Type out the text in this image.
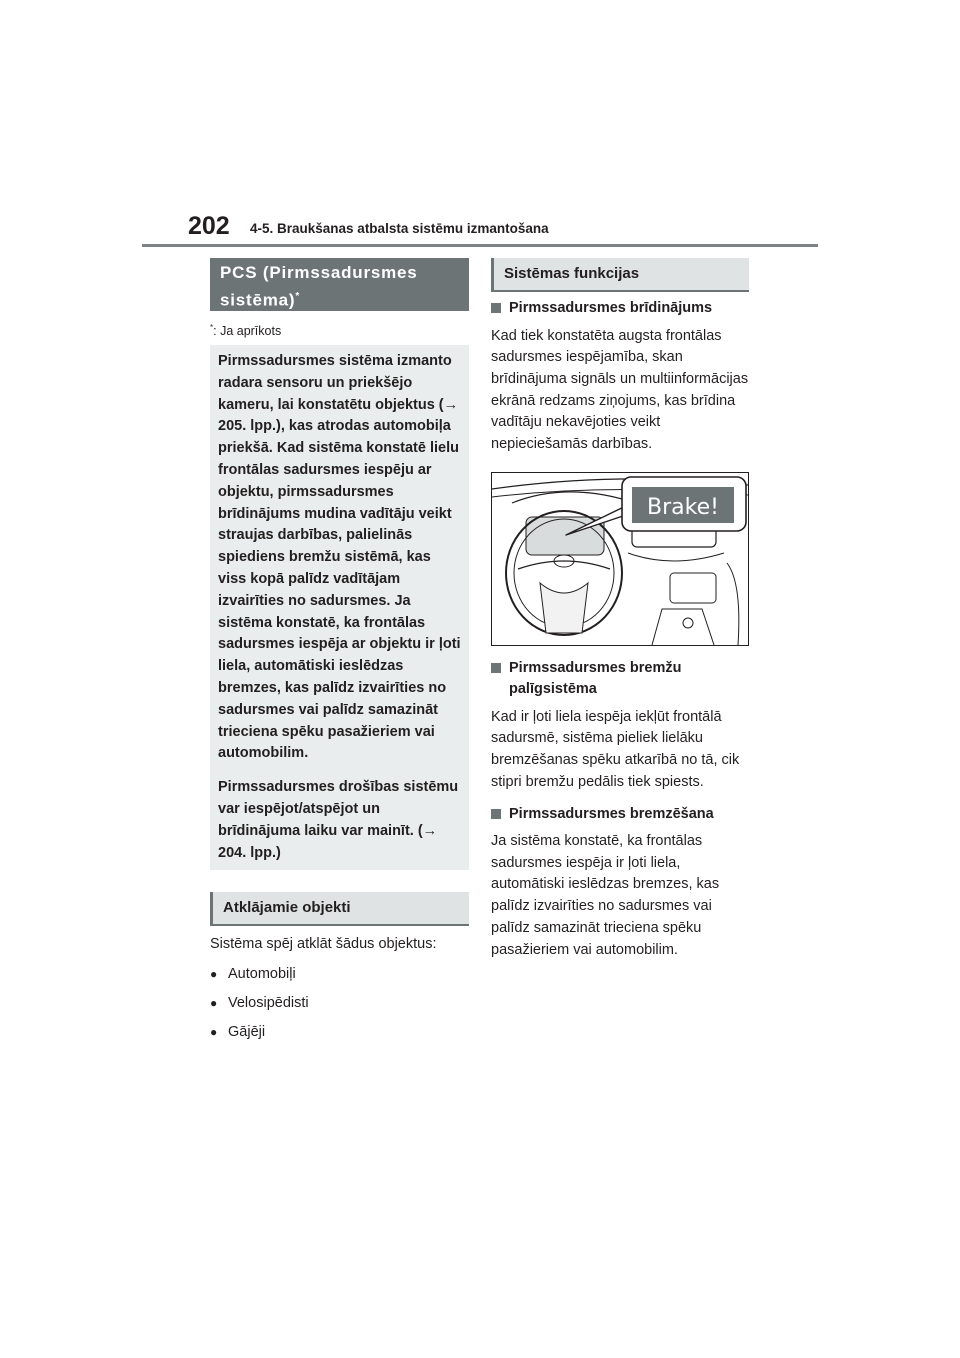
202 4-5. Braukšanas atbalsta sistēmu izmantošana
PCS (Pirmssadursmes
sistēma)*
*: Ja aprīkots

Pirmssadursmes sistēma izmanto radara sensoru un priekšējo kameru, lai konstatētu objektus (→ 205. lpp.), kas atrodas automobiļa priekšā. Kad sistēma konstatē lielu frontālas sadursmes iespēju ar objektu, pirmssadursmes brīdinājums mudina vadītāju veikt straujas darbības, palielinās spiediens bremžu sistēmā, kas viss kopā palīdz vadītājam izvairīties no sadursmes. Ja sistēma konstatē, ka frontālas sadursmes iespēja ar objektu ir ļoti liela, automātiski ieslēdzas bremzes, kas palīdz izvairīties no sadursmes vai palīdz samazināt trieciena spēku pasažieriem vai automobilim.

Pirmssadursmes drošības sistēmu var iespējot/atspējot un brīdinājuma laiku var mainīt. (→ 204. lpp.)

Atklājamie objekti
Sistēma spēj atklāt šādus objektus:
● Automobiļi
● Velosipēdisti
● Gājēji
Sistēmas funkcijas
Pirmssadursmes brīdinājums
Kad tiek konstatēta augsta frontālas sadursmes iespējamība, skan brīdinājuma signāls un multiinformācijas ekrānā redzams ziņojums, kas brīdina vadītāju nekavējoties veikt nepieciešamās darbības.
Brake!
Pirmssadursmes bremžu palīgsistēma
Kad ir ļoti liela iespēja iekļūt frontālā sadursmē, sistēma pieliek lielāku bremzēšanas spēku atkarībā no tā, cik stipri bremžu pedālis tiek spiests.
Pirmssadursmes bremzēšana
Ja sistēma konstatē, ka frontālas sadursmes iespēja ir ļoti liela, automātiski ieslēdzas bremzes, kas palīdz izvairīties no sadursmes vai palīdz samazināt trieciena spēku pasažieriem vai automobilim.
